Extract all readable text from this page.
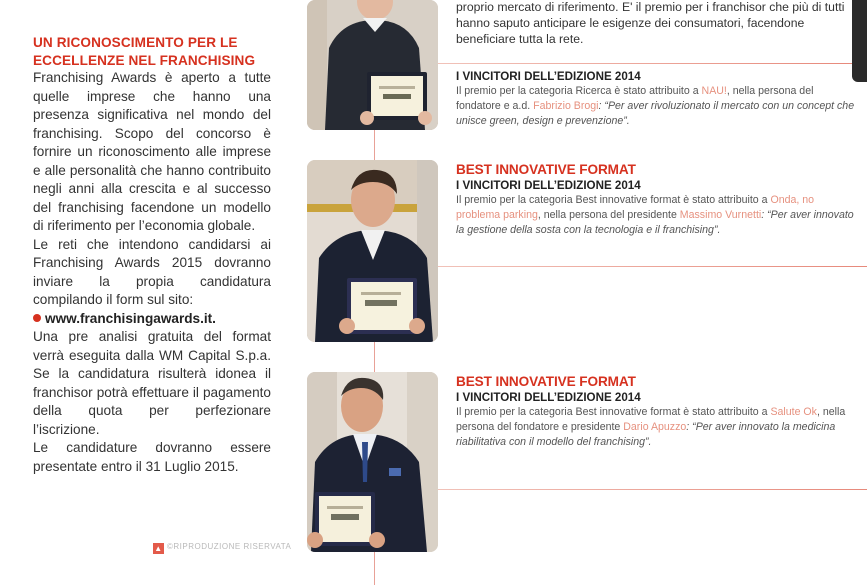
UN RICONOSCIMENTO PER LE ECCELLENZE NEL FRANCHISING

Franchising Awards è aperto a tutte quelle imprese che hanno una presenza significativa nel mondo del franchising. Scopo del concorso è fornire un riconoscimento alle imprese e alle personalità che hanno contribuito negli anni alla crescita e al successo del franchising facendone un modello di riferimento per l’economia globale.

Le reti che intendono candidarsi ai Franchising Awards 2015 dovranno inviare la propia candidatura compilando il form sul sito:

www.franchisingawards.it.

Una pre analisi gratuita del format verrà eseguita dalla WM Capital S.p.a. Se la candidatura risulterà idonea il franchisor potrà effettuare il pagamento della quota per perfezionare l’iscrizione.

Le candidature dovranno essere presentate entro il 31 Luglio 2015.

▲ ©RIPRODUZIONE RISERVATA
proprio mercato di riferimento. E' il premio per i franchisor che più di tutti hanno saputo anticipare le esigenze dei consumatori, facendone beneficiare tutta la rete.
I VINCITORI DELL’EDIZIONE 2014
Il premio per la categoria Ricerca è stato attribuito a NAU!, nella persona del fondatore e a.d. Fabrizio Brogi: “Per aver rivoluzionato il mercato con un concept che unisce green, design e prevenzione”.
BEST INNOVATIVE FORMAT
I VINCITORI DELL’EDIZIONE 2014
Il premio per la categoria Best innovative format è stato attribuito a Onda, no problema parking, nella persona del presidente Massimo Vurnetti: “Per aver innovato la gestione della sosta con la tecnologia e il franchising”.
BEST INNOVATIVE FORMAT
I VINCITORI DELL’EDIZIONE 2014
Il premio per la categoria Best innovative format è stato attribuito a Salute Ok, nella persona del fondatore e presidente Dario Apuzzo: “Per aver innovato la medicina riabilitativa con il modello del franchising”.
